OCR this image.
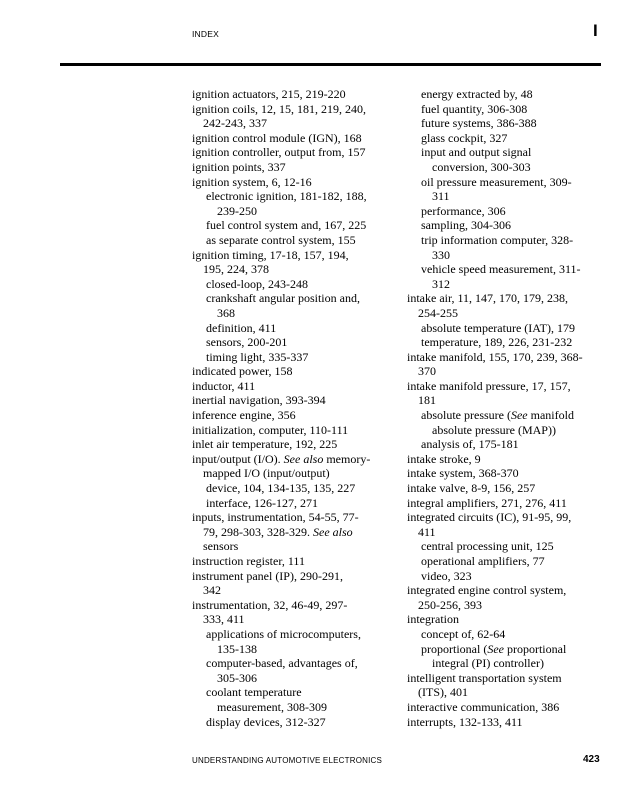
INDEX	I
ignition actuators, 215, 219-220
ignition coils, 12, 15, 181, 219, 240,
242-243, 337
ignition control module (IGN), 168
ignition controller, output from, 157
ignition points, 337
ignition system, 6, 12-16
electronic ignition, 181-182, 188,
239-250
fuel control system and, 167, 225
as separate control system, 155
ignition timing, 17-18, 157, 194,
195, 224, 378
closed-loop, 243-248
crankshaft angular position and,
368
definition, 411
sensors, 200-201
timing light, 335-337
indicated power, 158
inductor, 411
inertial navigation, 393-394
inference engine, 356
initialization, computer, 110-111
inlet air temperature, 192, 225
input/output (I/O). See also memory-
mapped I/O (input/output)
device, 104, 134-135, 135, 227
interface, 126-127, 271
inputs, instrumentation, 54-55, 77-
79, 298-303, 328-329. See also
sensors
instruction register, 111
instrument panel (IP), 290-291,
342
instrumentation, 32, 46-49, 297-
333, 411
applications of microcomputers,
135-138
computer-based, advantages of,
305-306
coolant temperature
measurement, 308-309
display devices, 312-327
energy extracted by, 48
fuel quantity, 306-308
future systems, 386-388
glass cockpit, 327
input and output signal
conversion, 300-303
oil pressure measurement, 309-
311
performance, 306
sampling, 304-306
trip information computer, 328-
330
vehicle speed measurement, 311-
312
intake air, 11, 147, 170, 179, 238,
254-255
absolute temperature (IAT), 179
temperature, 189, 226, 231-232
intake manifold, 155, 170, 239, 368-
370
intake manifold pressure, 17, 157,
181
absolute pressure (See manifold
absolute pressure (MAP))
analysis of, 175-181
intake stroke, 9
intake system, 368-370
intake valve, 8-9, 156, 257
integral amplifiers, 271, 276, 411
integrated circuits (IC), 91-95, 99,
411
central processing unit, 125
operational amplifiers, 77
video, 323
integrated engine control system,
250-256, 393
integration
concept of, 62-64
proportional (See proportional
integral (PI) controller)
intelligent transportation system
(ITS), 401
interactive communication, 386
interrupts, 132-133, 411
UNDERSTANDING AUTOMOTIVE ELECTRONICS	423
